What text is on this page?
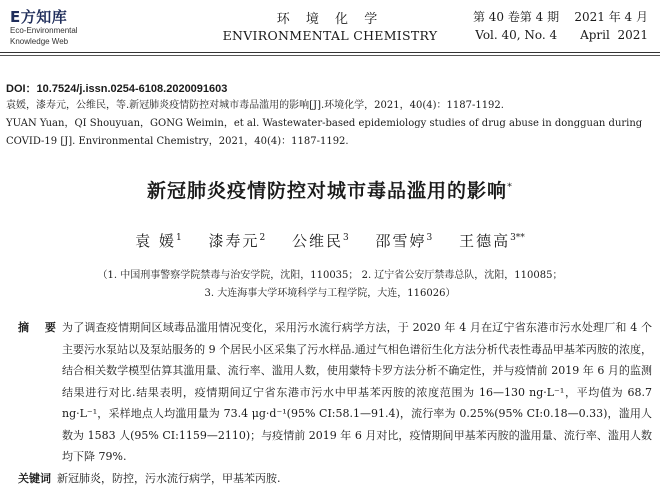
E方知库
Eco-Environmental
Knowledge Web
环 境 化 学
ENVIRONMENTAL CHEMISTRY
第 40 卷第 4 期    2021 年 4 月
Vol. 40, No. 4      April  2021
DOI：10.7524/j.issn.0254-6108.2020091603
袁媛，漆寿元，公维民，等.新冠肺炎疫情防控对城市毒品滥用的影响[J].环境化学，2021，40(4)：1187-1192.
YUAN Yuan，QI Shouyuan，GONG Weimin，et al. Wastewater-based epidemiology studies of drug abuse in dongguan during COVID-19 [J]. Environmental Chemistry，2021，40(4)：1187-1192.
新冠肺炎疫情防控对城市毒品滥用的影响*
袁 媛$^1$ 漆寿元$^2$ 公维民$^3$ 邵雪婷$^3$ 王德高$^{3**}$
（1. 中国刑事警察学院禁毒与治安学院，沈阳，110035； 2. 辽宁省公安厅禁毒总队，沈阳，110085；
3. 大连海事大学环境科学与工程学院，大连，116026）
摘 要 为了调查疫情期间区域毒品滥用情况变化，采用污水流行病学方法，于 2020 年 4 月在辽宁省东港市污水处理厂和 4 个主要污水泵站以及泵站服务的 9 个居民小区采集了污水样品.通过气相色谱衍生化方法分析代表性毒品甲基苯丙胺的浓度，结合相关数学模型估算其滥用量、流行率、滥用人数，使用蒙特卡罗方法分析不确定性，并与疫情前 2019 年 6 月的监测结果进行对比.结果表明，疫情期间辽宁省东港市污水中甲基苯丙胺的浓度范围为 16—130 ng·L⁻¹，平均值为 68.7 ng·L⁻¹，采样地点人均滥用量为 73.4 μg·d⁻¹(95% CI:58.1—91.4)，流行率为 0.25%(95% CI:0.18—0.33)，滥用人数为 1583 人(95% CI:1159—2110)；与疫情前 2019 年 6 月对比，疫情期间甲基苯丙胺的滥用量、流行率、滥用人数均下降 79%.
关键词 新冠肺炎，防控，污水流行病学，甲基苯丙胺.
